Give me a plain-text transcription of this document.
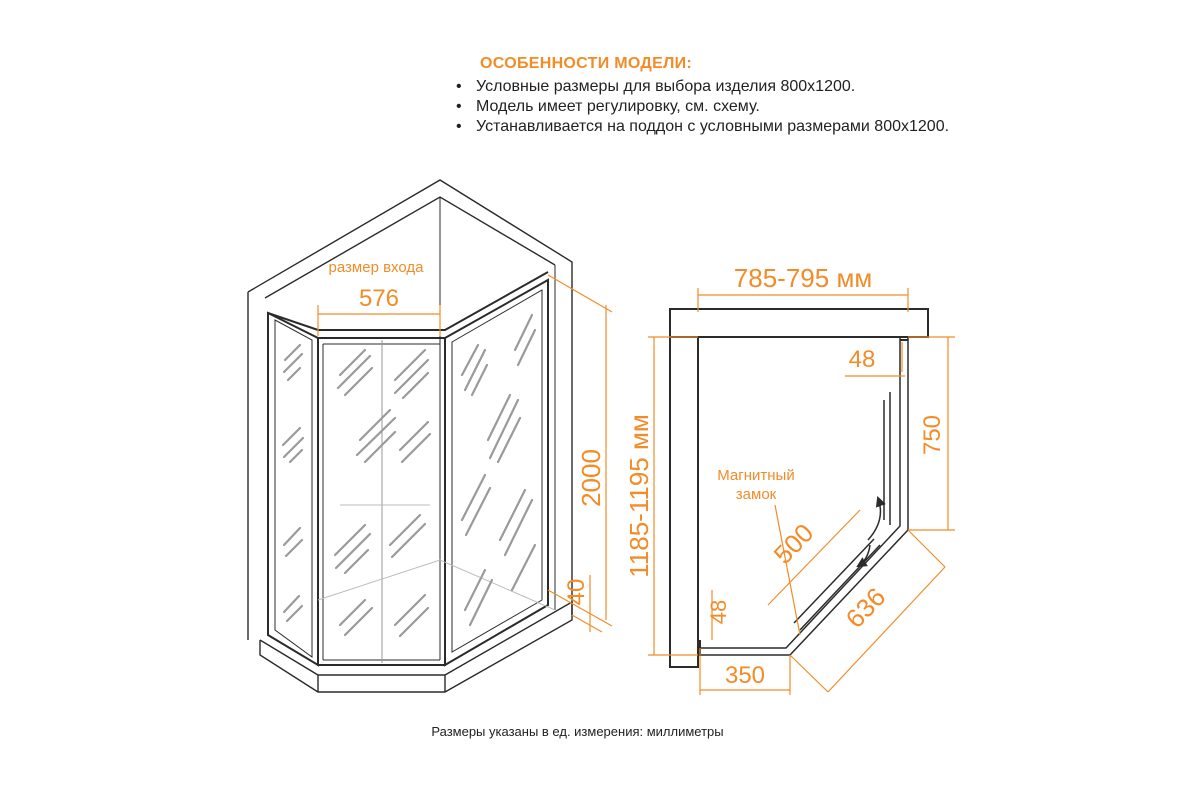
ОСОБЕННОСТИ МОДЕЛИ:
• Условные размеры для выбора изделия 800х1200.
• Модель имеет регулировку, см. схему.
• Устанавливается на поддон с условными размерами 800х1200.
размер входа
576
2000
40
785-795 мм
1185-1195 мм
48
750
Магнитный
замок
500
636
48
350
Размеры указаны в ед. измерения: миллиметры
